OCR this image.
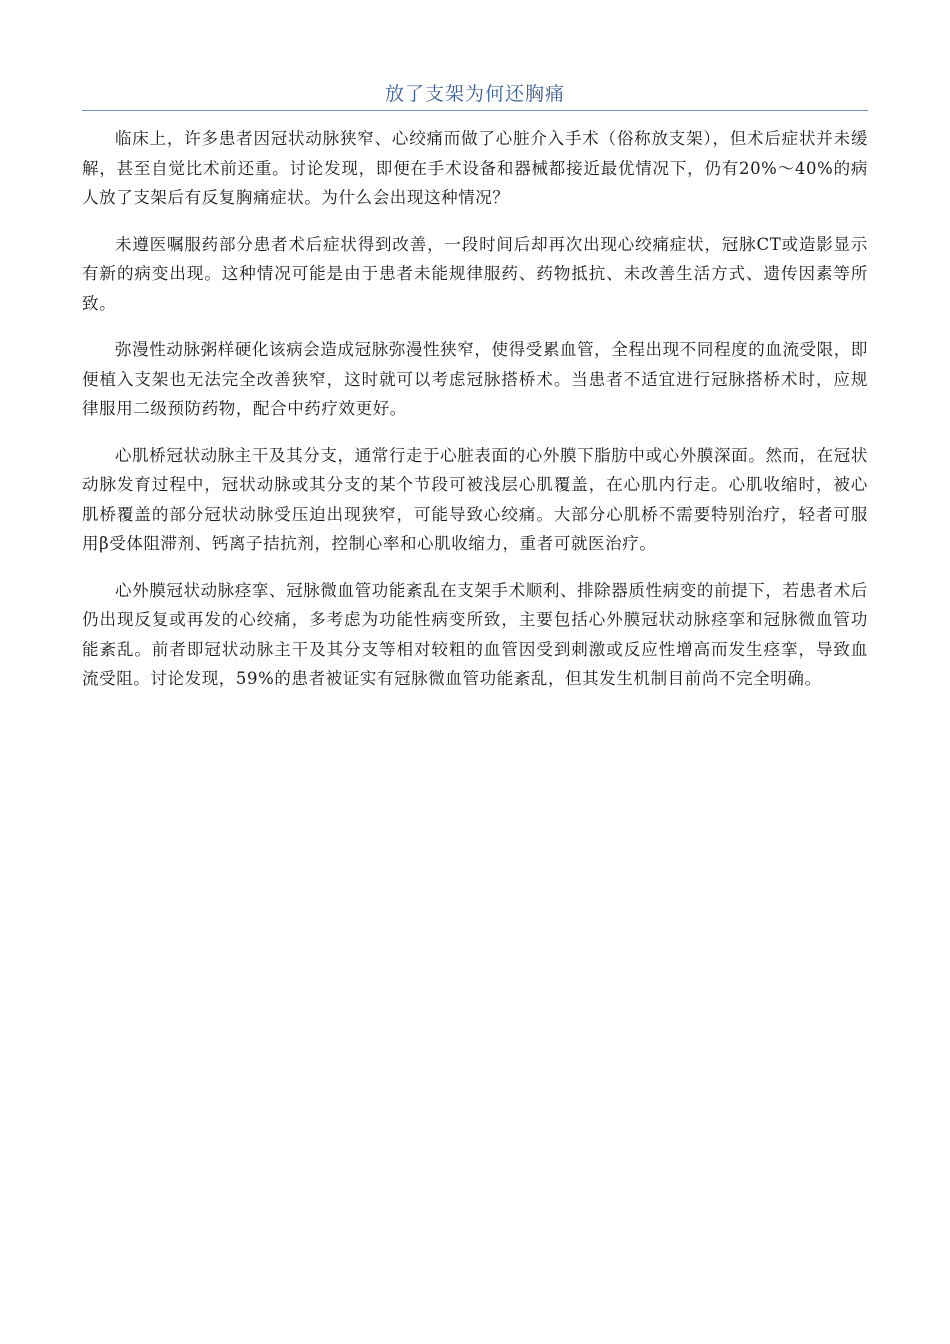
放了支架为何还胸痛

临床上，许多患者因冠状动脉狭窄、心绞痛而做了心脏介入手术（俗称放支架），但术后症状并未缓解，甚至自觉比术前还重。讨论发现，即便在手术设备和器械都接近最优情况下，仍有20%～40%的病人放了支架后有反复胸痛症状。为什么会出现这种情况？

未遵医嘱服药部分患者术后症状得到改善，一段时间后却再次出现心绞痛症状，冠脉CT或造影显示有新的病变出现。这种情况可能是由于患者未能规律服药、药物抵抗、未改善生活方式、遗传因素等所致。

弥漫性动脉粥样硬化该病会造成冠脉弥漫性狭窄，使得受累血管，全程出现不同程度的血流受限，即便植入支架也无法完全改善狭窄，这时就可以考虑冠脉搭桥术。当患者不适宜进行冠脉搭桥术时，应规律服用二级预防药物，配合中药疗效更好。

心肌桥冠状动脉主干及其分支，通常行走于心脏表面的心外膜下脂肪中或心外膜深面。然而，在冠状动脉发育过程中，冠状动脉或其分支的某个节段可被浅层心肌覆盖，在心肌内行走。心肌收缩时，被心肌桥覆盖的部分冠状动脉受压迫出现狭窄，可能导致心绞痛。大部分心肌桥不需要特别治疗，轻者可服用β受体阻滞剂、钙离子拮抗剂，控制心率和心肌收缩力，重者可就医治疗。

心外膜冠状动脉痉挛、冠脉微血管功能紊乱在支架手术顺利、排除器质性病变的前提下，若患者术后仍出现反复或再发的心绞痛，多考虑为功能性病变所致，主要包括心外膜冠状动脉痉挛和冠脉微血管功能紊乱。前者即冠状动脉主干及其分支等相对较粗的血管因受到刺激或反应性增高而发生痉挛，导致血流受阻。讨论发现，59%的患者被证实有冠脉微血管功能紊乱，但其发生机制目前尚不完全明确。
